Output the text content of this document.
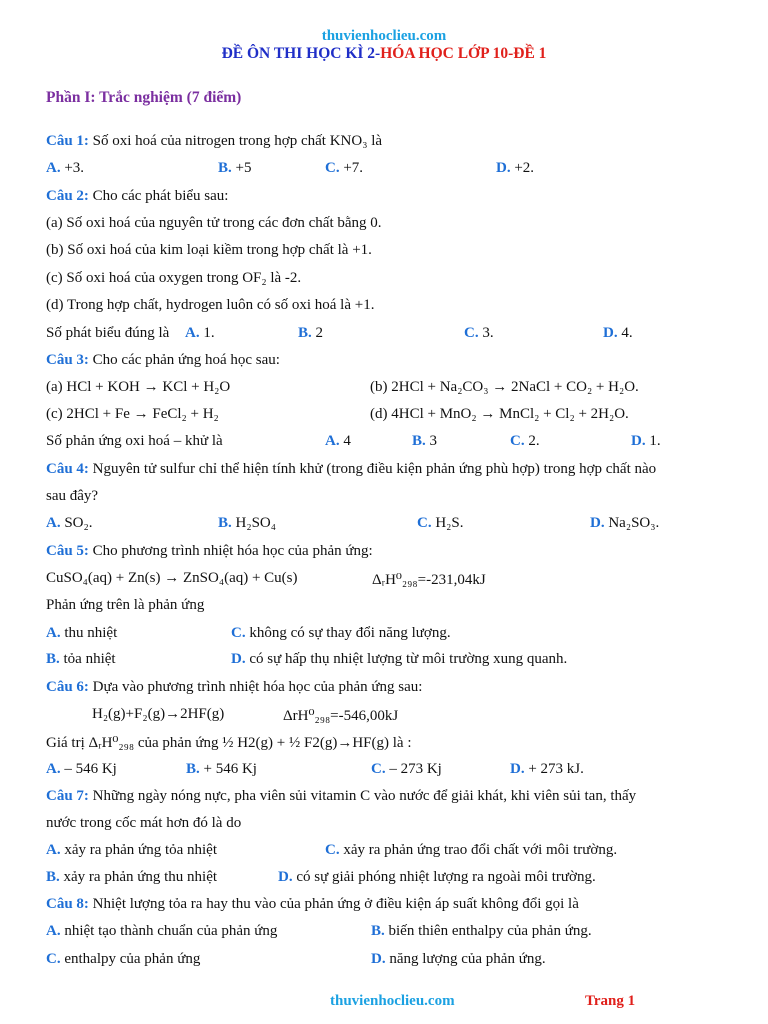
thuvienhoclieu.com
ĐỀ ÔN THI HỌC KÌ 2-HÓA HỌC LỚP 10-ĐỀ 1
Phần I: Trắc nghiệm (7 điểm)
Câu 1: Số oxi hoá của nitrogen trong hợp chất KNO₃ là
A. +3.	B. +5	C. +7.	D. +2.
Câu 2: Cho các phát biểu sau:
(a) Số oxi hoá của nguyên tử trong các đơn chất bằng 0.
(b) Số oxi hoá của kim loại kiềm trong hợp chất là +1.
(c) Số oxi hoá của oxygen trong OF₂ là -2.
(d) Trong hợp chất, hydrogen luôn có số oxi hoá là +1.
Số phát biểu đúng là A. 1.	B. 2	C. 3.	D. 4.
Câu 3: Cho các phản ứng hoá học sau:
(a) HCl + KOH → KCl + H₂O	(b) 2HCl + Na₂CO₃ → 2NaCl + CO₂ + H₂O.
(c) 2HCl + Fe → FeCl₂ + H₂	(d) 4HCl + MnO₂ → MnCl₂ + Cl₂ + 2H₂O.
Số phản ứng oxi hoá – khử là	A. 4	B. 3	C. 2.	D. 1.
Câu 4: Nguyên tử sulfur chỉ thể hiện tính khử (trong điều kiện phản ứng phù hợp) trong hợp chất nào
sau đây?
A. SO₂.	B. H₂SO₄	C. H₂S.	D. Na₂SO₃.
Câu 5: Cho phương trình nhiệt hóa học của phản ứng:
CuSO₄(aq) + Zn(s) → ZnSO₄(aq) + Cu(s)	ΔᵣH⁰₂₉₈=-231,04kJ
Phản ứng trên là phản ứng
A. thu nhiệt	C. không có sự thay đổi năng lượng.
B. tỏa nhiệt	D. có sự hấp thụ nhiệt lượng từ môi trường xung quanh.
Câu 6: Dựa vào phương trình nhiệt hóa học của phản ứng sau:
H₂(g)+F₂(g)→2HF(g)	ΔrH⁰₂₉₈=-546,00kJ
Giá trị ΔᵣH⁰₂₉₈ của phản ứng ½ H2(g) + ½ F2(g)→HF(g) là :
A. – 546 Kj	B. + 546 Kj	C. – 273 Kj	D. + 273 kJ.
Câu 7: Những ngày nóng nực, pha viên sủi vitamin C vào nước để giải khát, khi viên sủi tan, thấy
nước trong cốc mát hơn đó là do
A. xảy ra phản ứng tỏa nhiệt	C. xảy ra phản ứng trao đổi chất với môi trường.
B. xảy ra phản ứng thu nhiệt	D. có sự giải phóng nhiệt lượng ra ngoài môi trường.
Câu 8: Nhiệt lượng tỏa ra hay thu vào của phản ứng ở điều kiện áp suất không đổi gọi là
A. nhiệt tạo thành chuẩn của phản ứng	B. biến thiên enthalpy của phản ứng.
C. enthalpy của phản ứng	D. năng lượng của phản ứng.
thuvienhoclieu.com	Trang 1
